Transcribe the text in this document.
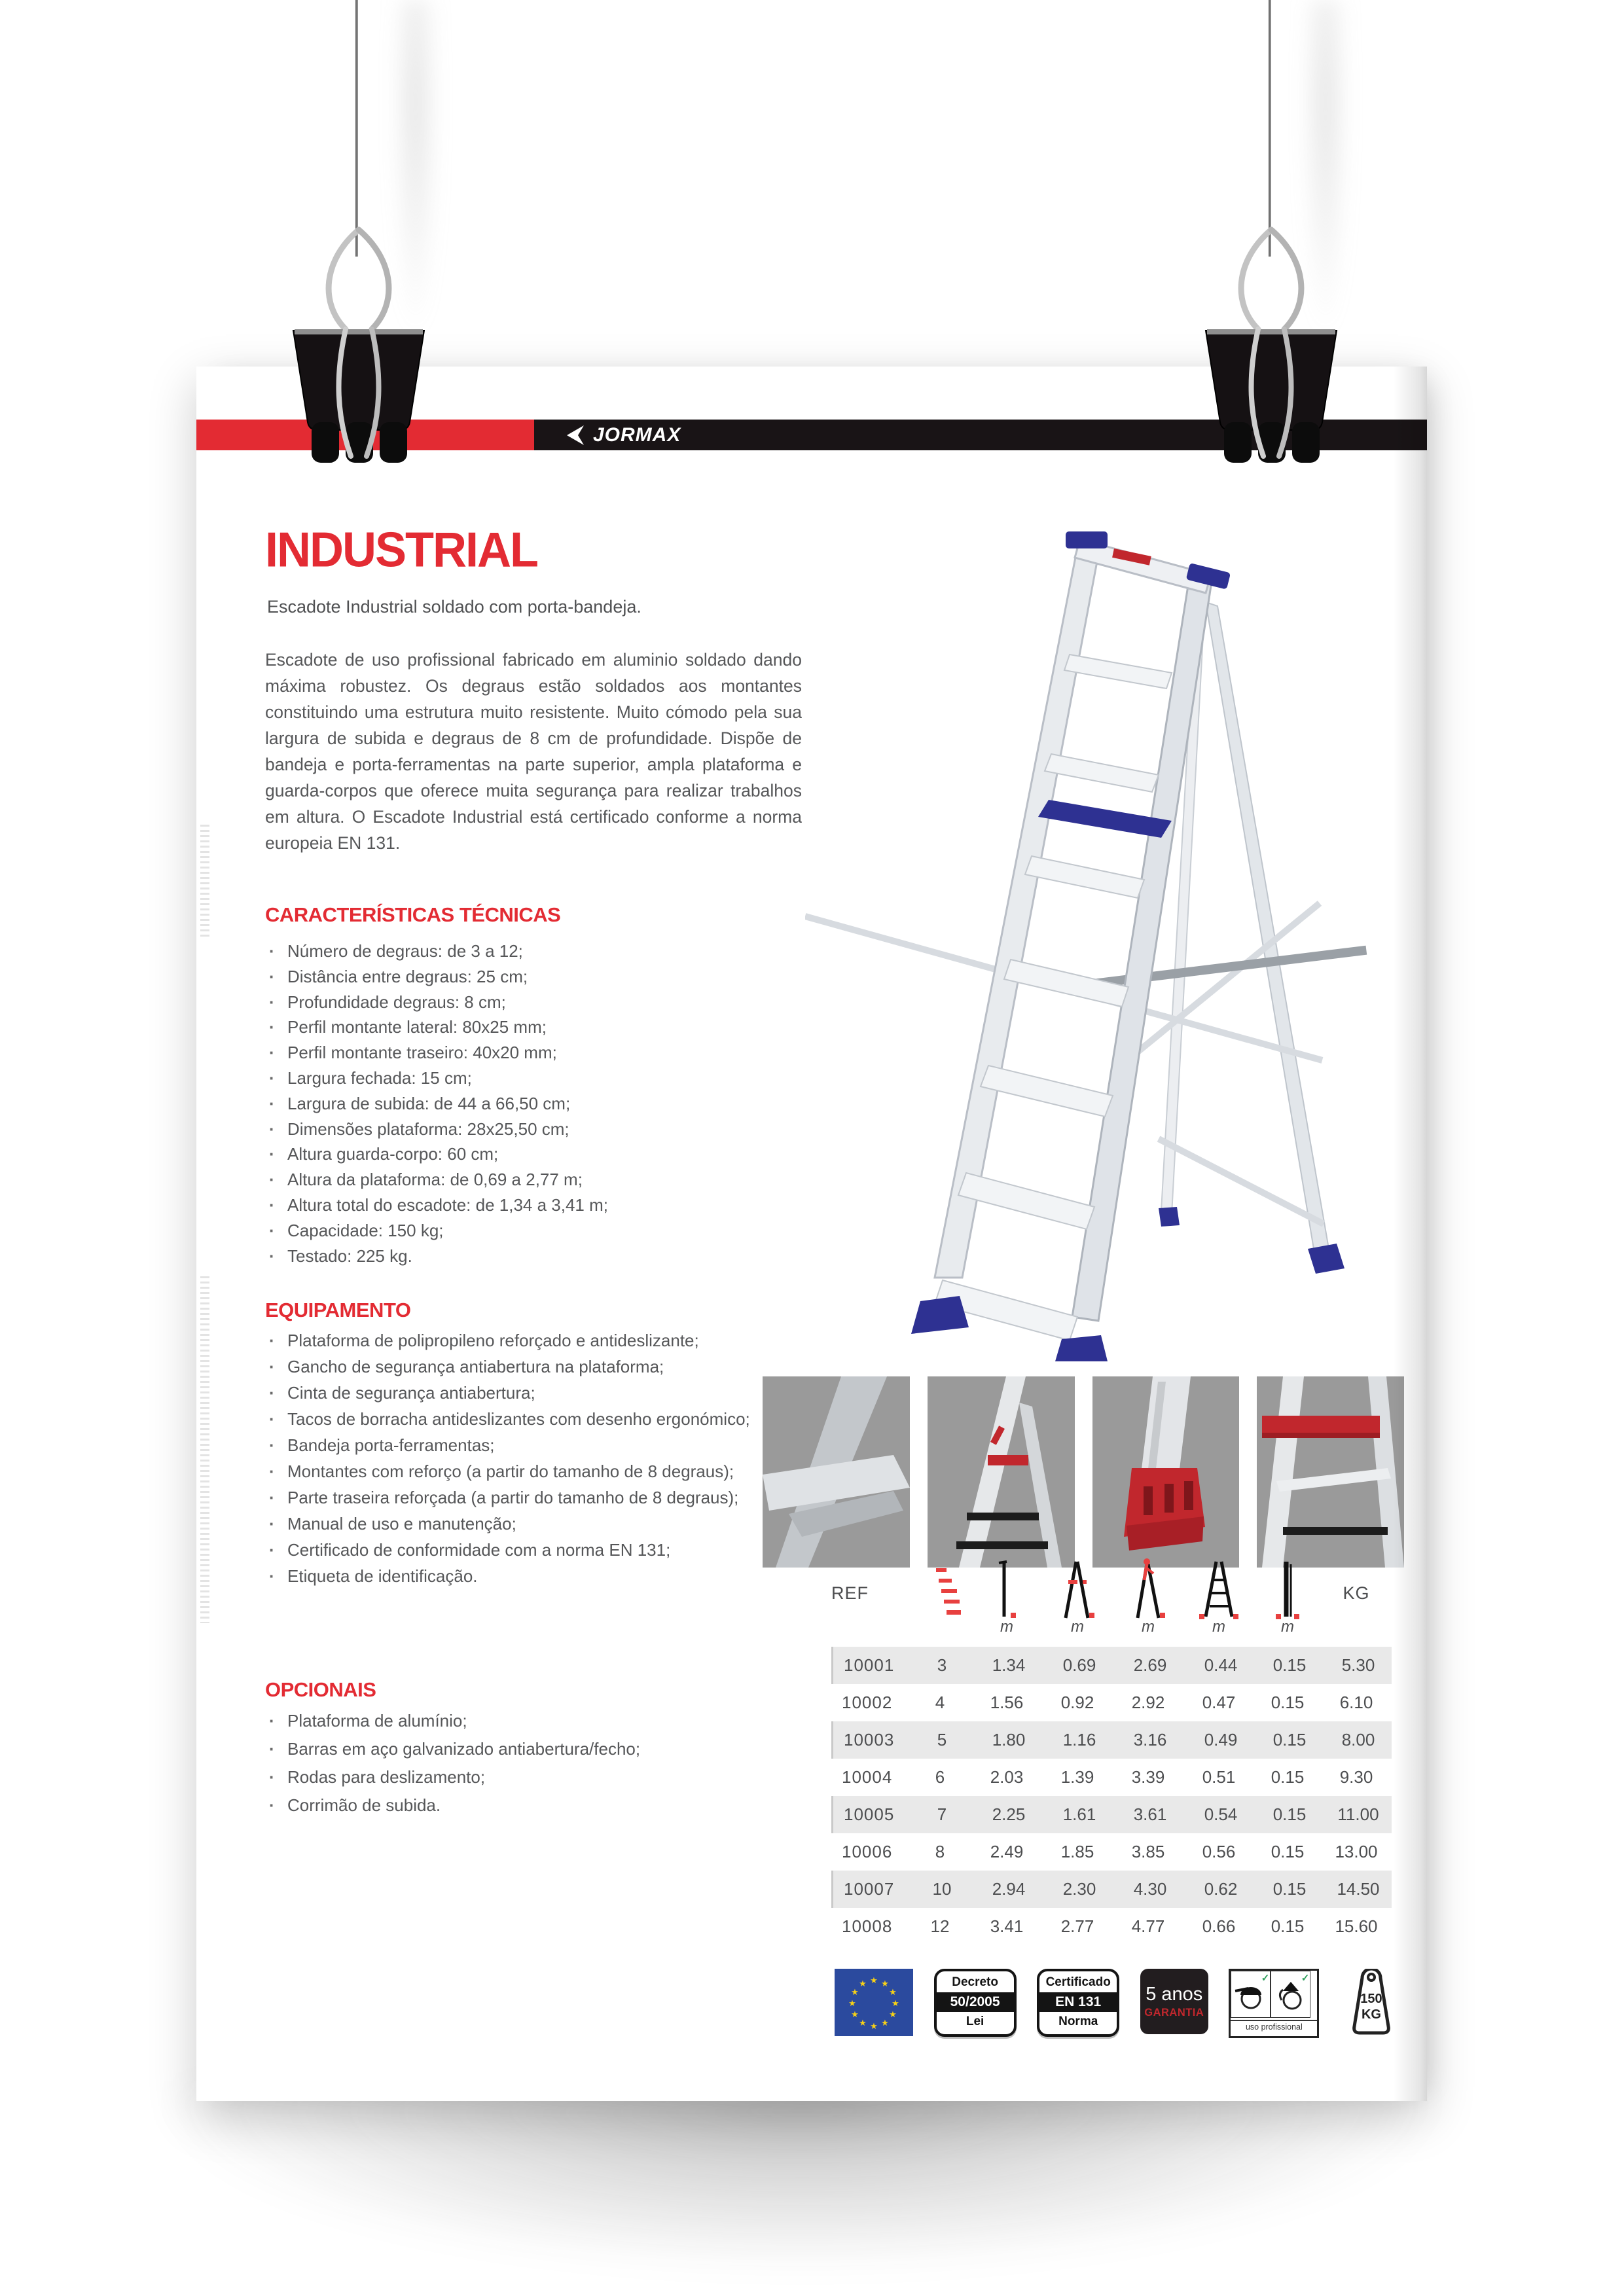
JORMAX
INDUSTRIAL
Escadote Industrial soldado com porta-bandeja.
Escadote de uso profissional fabricado em aluminio soldado dando máxima robustez. Os degraus estão soldados aos montantes constituindo uma estrutura muito resistente. Muito cómodo pela sua largura de subida e degraus de 8 cm de profundidade. Dispõe de bandeja e porta-ferramentas na parte superior, ampla plataforma e guarda-corpos que oferece muita segurança para realizar trabalhos em altura. O Escadote Industrial está certificado conforme a norma europeia EN 131.
CARACTERÍSTICAS TÉCNICAS
· Número de degraus: de 3 a 12;
· Distância entre degraus: 25 cm;
· Profundidade degraus: 8 cm;
· Perfil montante lateral: 80x25 mm;
· Perfil montante traseiro: 40x20 mm;
· Largura fechada: 15 cm;
· Largura de subida: de 44 a 66,50 cm;
· Dimensões plataforma: 28x25,50 cm;
· Altura guarda-corpo: 60 cm;
· Altura da plataforma: de 0,69 a 2,77 m;
· Altura total do escadote: de 1,34 a 3,41 m;
· Capacidade: 150 kg;
· Testado: 225 kg.
EQUIPAMENTO
· Plataforma de polipropileno reforçado e antideslizante;
· Gancho de segurança antiabertura na plataforma;
· Cinta de segurança antiabertura;
· Tacos de borracha antideslizantes com desenho ergonómico;
· Bandeja porta-ferramentas;
· Montantes com reforço (a partir do tamanho de 8 degraus);
· Parte traseira reforçada (a partir do tamanho de 8 degraus);
· Manual de uso e manutenção;
· Certificado de conformidade com a norma EN 131;
· Etiqueta de identificação.
OPCIONAIS
· Plataforma de alumínio;
· Barras em aço galvanizado antiabertura/fecho;
· Rodas para deslizamento;
· Corrimão de subida.
REF	KG
m	m	m	m	m
10001	3	1.34	0.69	2.69	0.44	0.15	5.30
10002	4	1.56	0.92	2.92	0.47	0.15	6.10
10003	5	1.80	1.16	3.16	0.49	0.15	8.00
10004	6	2.03	1.39	3.39	0.51	0.15	9.30
10005	7	2.25	1.61	3.61	0.54	0.15	11.00
10006	8	2.49	1.85	3.85	0.56	0.15	13.00
10007	10	2.94	2.30	4.30	0.62	0.15	14.50
10008	12	3.41	2.77	4.77	0.66	0.15	15.60
★ ★
★
★
★
★
★
★
★
★
★
★	Decreto
50/2005
Lei
Certificado
EN 131
Norma
5 anos
GARANTIA
✓	✓
uso profissional
150
KG
